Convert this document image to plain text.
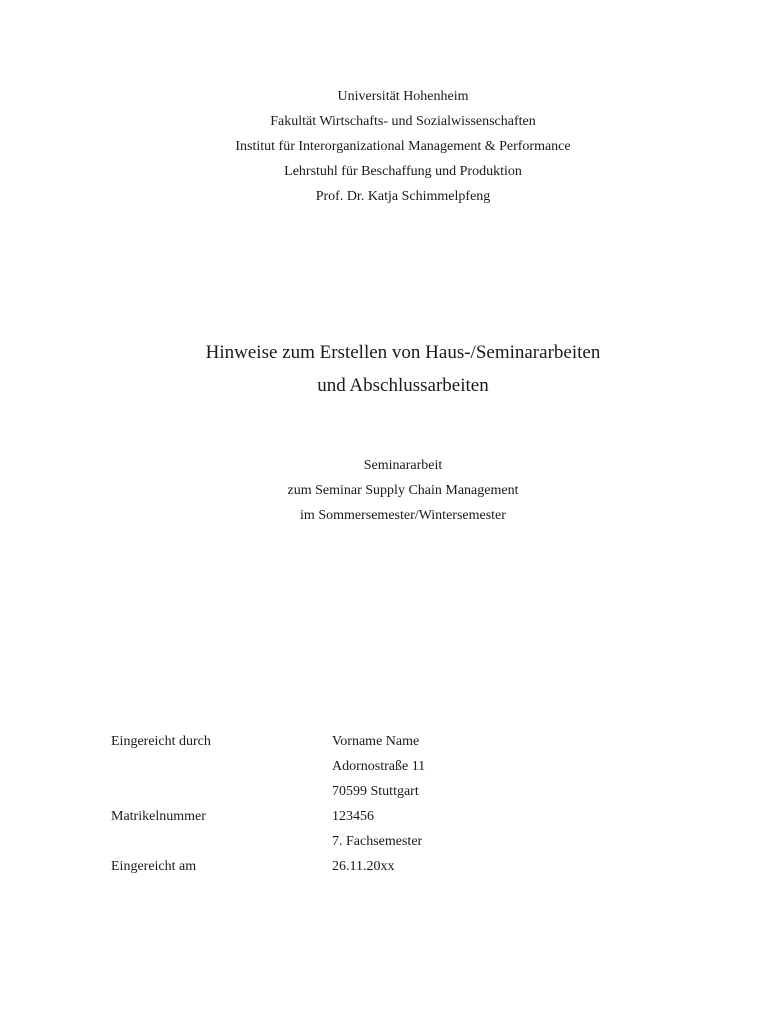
Universität Hohenheim
Fakultät Wirtschafts- und Sozialwissenschaften
Institut für Interorganizational Management & Performance
Lehrstuhl für Beschaffung und Produktion
Prof. Dr. Katja Schimmelpfeng
Hinweise zum Erstellen von Haus-/Seminararbeiten
und Abschlussarbeiten
Seminararbeit
zum Seminar Supply Chain Management
im Sommersemester/Wintersemester
Eingereicht durch	Vorname Name
Adornostraße 11
70599 Stuttgart
Matrikelnummer	123456
7. Fachsemester
Eingereicht am	26.11.20xx
